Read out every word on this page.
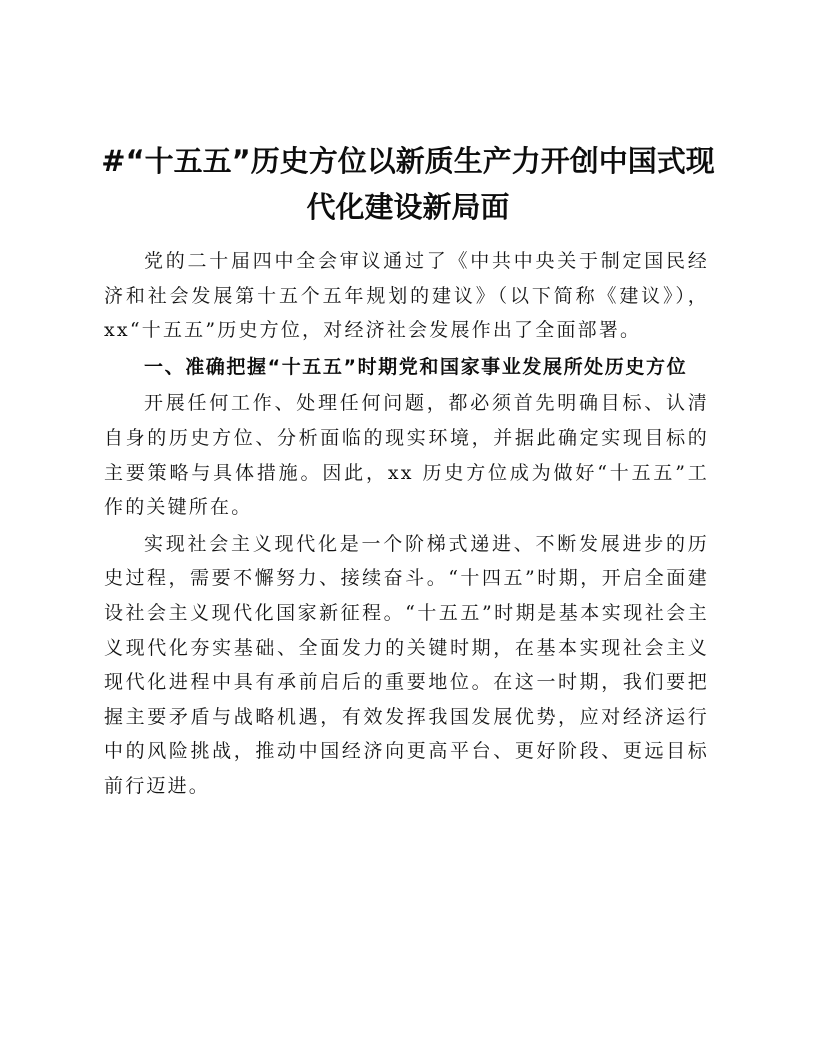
#“十五五”历史方位以新质生产力开创中国式现代化建设新局面

党的二十届四中全会审议通过了《中共中央关于制定国民经济和社会发展第十五个五年规划的建议》（以下简称《建议》），xx“十五五”历史方位，对经济社会发展作出了全面部署。

一、准确把握“十五五”时期党和国家事业发展所处历史方位

开展任何工作、处理任何问题，都必须首先明确目标、认清自身的历史方位、分析面临的现实环境，并据此确定实现目标的主要策略与具体措施。因此，xx 历史方位成为做好“十五五”工作的关键所在。

实现社会主义现代化是一个阶梯式递进、不断发展进步的历史过程，需要不懈努力、接续奋斗。“十四五”时期，开启全面建设社会主义现代化国家新征程。“十五五”时期是基本实现社会主义现代化夯实基础、全面发力的关键时期，在基本实现社会主义现代化进程中具有承前启后的重要地位。在这一时期，我们要把握主要矛盾与战略机遇，有效发挥我国发展优势，应对经济运行中的风险挑战，推动中国经济向更高平台、更好阶段、更远目标前行迈进。
